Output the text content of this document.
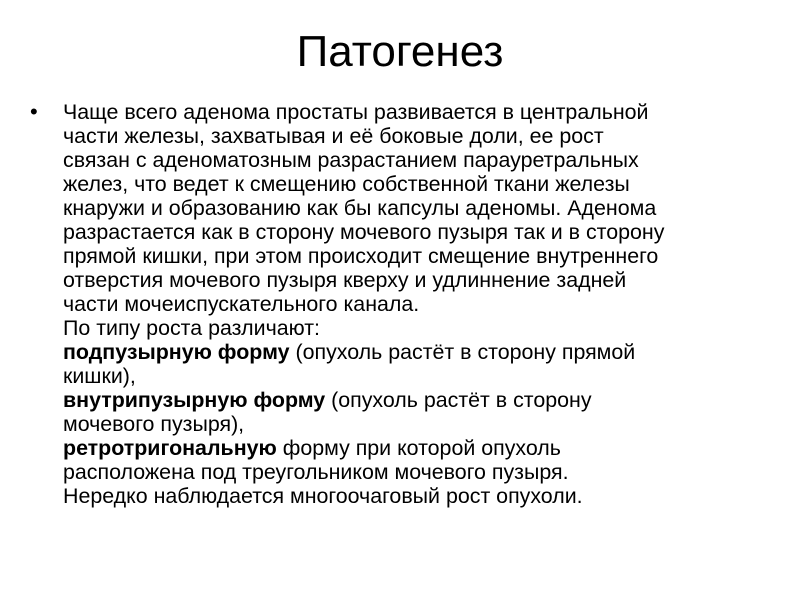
Патогенез
• Чаще всего аденома простаты развивается в центральной
части железы, захватывая и её боковые доли, ее рост
связан с аденоматозным разрастанием парауретральных
желез, что ведет к смещению собственной ткани железы
кнаружи и образованию как бы капсулы аденомы. Аденома
разрастается как в сторону мочевого пузыря так и в сторону
прямой кишки, при этом происходит смещение внутреннего
отверстия мочевого пузыря кверху и удлиннение задней
части мочеиспускательного канала.
По типу роста различают:
подпузырную форму (опухоль растёт в сторону прямой
кишки),
внутрипузырную форму (опухоль растёт в сторону
мочевого пузыря),
ретротригональную форму при которой опухоль
расположена под треугольником мочевого пузыря.
Нередко наблюдается многоочаговый рост опухоли.
